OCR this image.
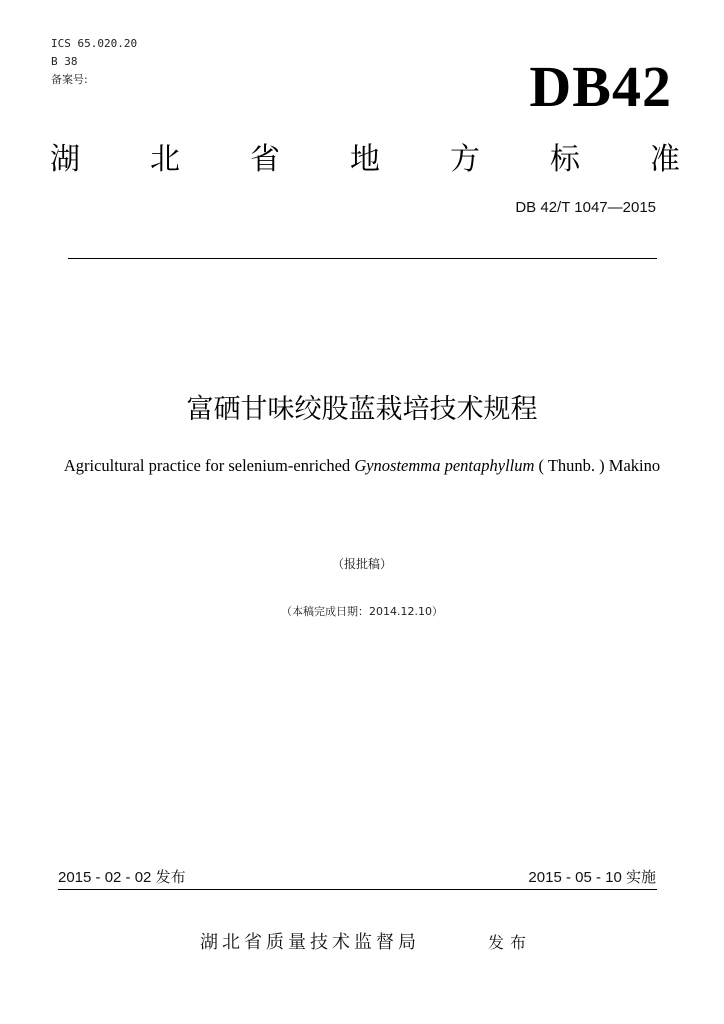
ICS 65.020.20
B 38
备案号:	DB42
湖 北 省 地 方 标 准
DB 42/T 1047—2015
富硒甘味绞股蓝栽培技术规程
Agricultural practice for selenium-enriched Gynostemma pentaphyllum ( Thunb. ) Makino
（报批稿）
（本稿完成日期：2014.12.10）
2015 - 02 - 02 发布	2015 - 05 - 10 实施
湖北省质量技术监督局	发布
